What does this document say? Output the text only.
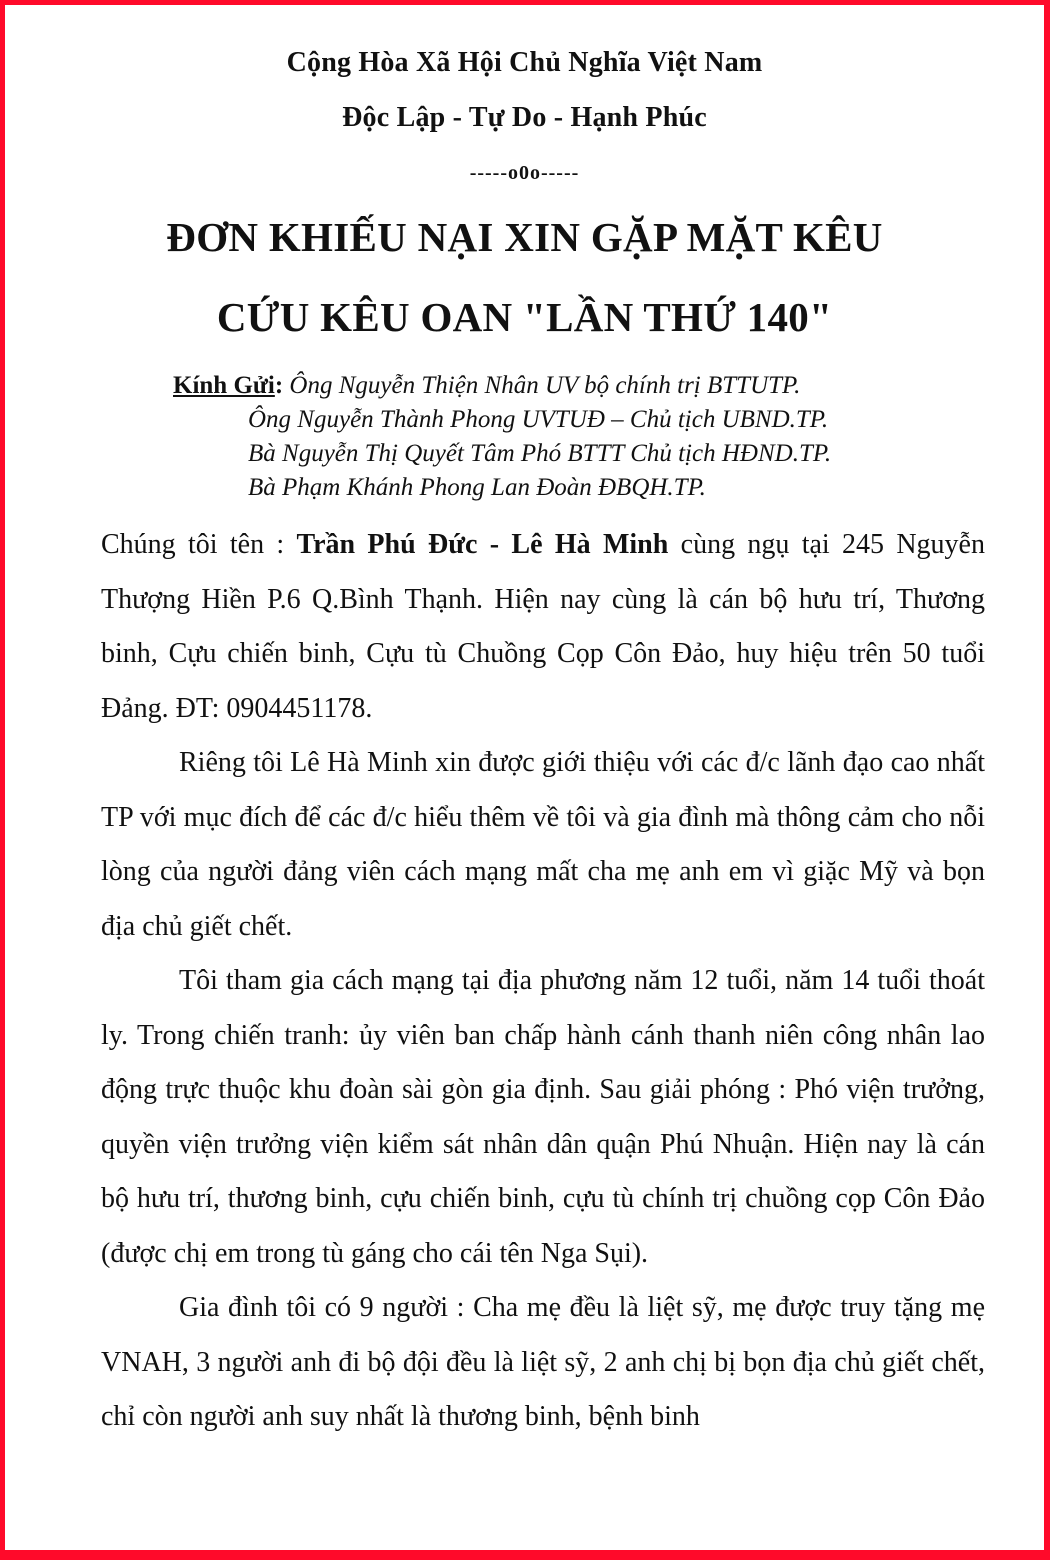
Cộng Hòa Xã Hội Chủ Nghĩa Việt Nam
Độc Lập - Tự Do - Hạnh Phúc
-----o0o-----
ĐƠN KHIẾU NẠI XIN GẶP MẶT KÊU
CỨU KÊU OAN "LẦN THỨ 140"
Kính Gửi: Ông Nguyễn Thiện Nhân UV bộ chính trị BTTUTP.
Ông Nguyễn Thành Phong UVTUĐ – Chủ tịch UBND.TP.
Bà Nguyễn Thị Quyết Tâm Phó BTTT Chủ tịch HĐND.TP.
Bà Phạm Khánh Phong Lan Đoàn ĐBQH.TP.

Chúng tôi tên : Trần Phú Đức - Lê Hà Minh cùng ngụ tại 245 Nguyễn Thượng Hiền P.6 Q.Bình Thạnh. Hiện nay cùng là cán bộ hưu trí, Thương binh, Cựu chiến binh, Cựu tù Chuồng Cọp Côn Đảo, huy hiệu trên 50 tuổi Đảng. ĐT: 0904451178.

Riêng tôi Lê Hà Minh xin được giới thiệu với các đ/c lãnh đạo cao nhất TP với mục đích để các đ/c hiểu thêm về tôi và gia đình mà thông cảm cho nỗi lòng của người đảng viên cách mạng mất cha mẹ anh em vì giặc Mỹ và bọn địa chủ giết chết.

Tôi tham gia cách mạng tại địa phương năm 12 tuổi, năm 14 tuổi thoát ly. Trong chiến tranh: ủy viên ban chấp hành cánh thanh niên công nhân lao động trực thuộc khu đoàn sài gòn gia định. Sau giải phóng : Phó viện trưởng, quyền viện trưởng viện kiểm sát nhân dân quận Phú Nhuận. Hiện nay là cán bộ hưu trí, thương binh, cựu chiến binh, cựu tù chính trị chuồng cọp Côn Đảo (được chị em trong tù gáng cho cái tên Nga Sụi).

Gia đình tôi có 9 người : Cha mẹ đều là liệt sỹ, mẹ được truy tặng mẹ VNAH, 3 người anh đi bộ đội đều là liệt sỹ, 2 anh chị bị bọn địa chủ giết chết, chỉ còn người anh suy nhất là thương binh, bệnh binh
